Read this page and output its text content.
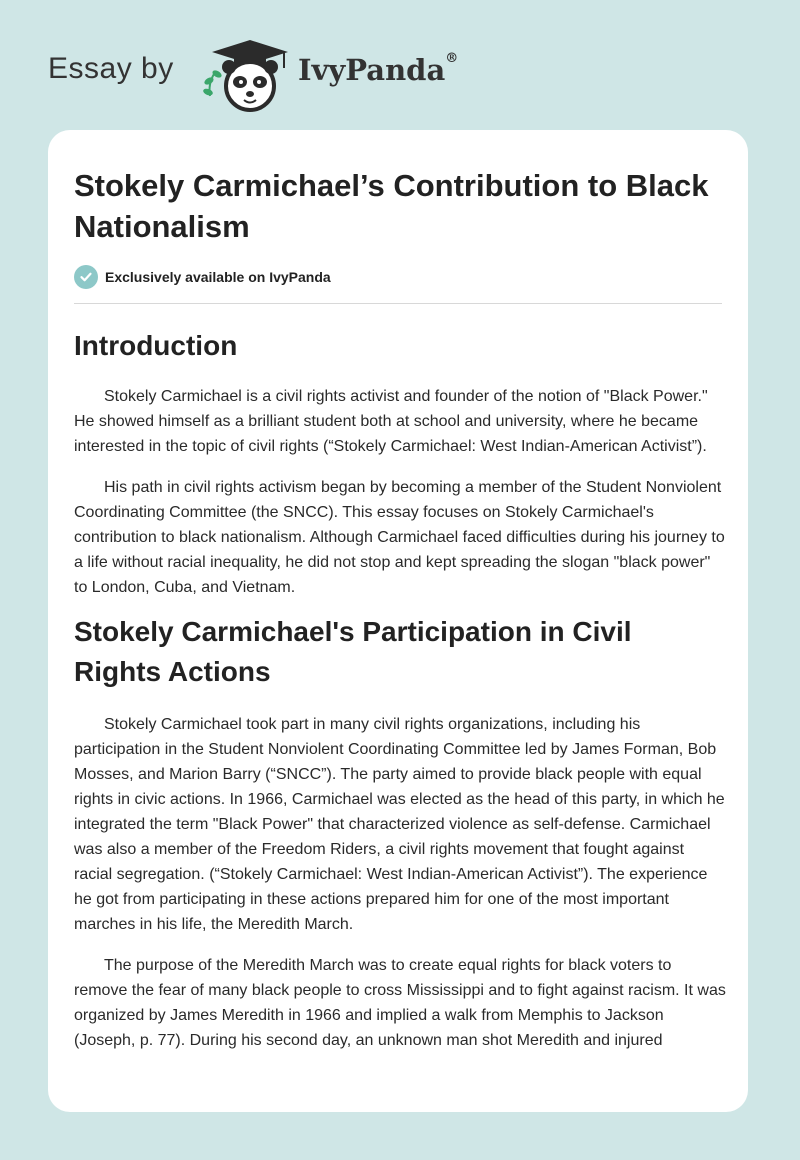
Essay by	IvyPanda®
Stokely Carmichael’s Contribution to Black Nationalism
Exclusively available on IvyPanda
Introduction

Stokely Carmichael is a civil rights activist and founder of the notion of "Black Power." He showed himself as a brilliant student both at school and university, where he became interested in the topic of civil rights (“Stokely Carmichael: West Indian-American Activist”).

His path in civil rights activism began by becoming a member of the Student Nonviolent Coordinating Committee (the SNCC). This essay focuses on Stokely Carmichael's contribution to black nationalism. Although Carmichael faced difficulties during his journey to a life without racial inequality, he did not stop and kept spreading the slogan "black power" to London, Cuba, and Vietnam.

Stokely Carmichael's Participation in Civil Rights Actions

Stokely Carmichael took part in many civil rights organizations, including his participation in the Student Nonviolent Coordinating Committee led by James Forman, Bob Mosses, and Marion Barry (“SNCC”). The party aimed to provide black people with equal rights in civic actions. In 1966, Carmichael was elected as the head of this party, in which he integrated the term "Black Power" that characterized violence as self-defense. Carmichael was also a member of the Freedom Riders, a civil rights movement that fought against racial segregation. (“Stokely Carmichael: West Indian-American Activist”). The experience he got from participating in these actions prepared him for one of the most important marches in his life, the Meredith March.

The purpose of the Meredith March was to create equal rights for black voters to remove the fear of many black people to cross Mississippi and to fight against racism. It was organized by James Meredith in 1966 and implied a walk from Memphis to Jackson (Joseph, p. 77). During his second day, an unknown man shot Meredith and injured
